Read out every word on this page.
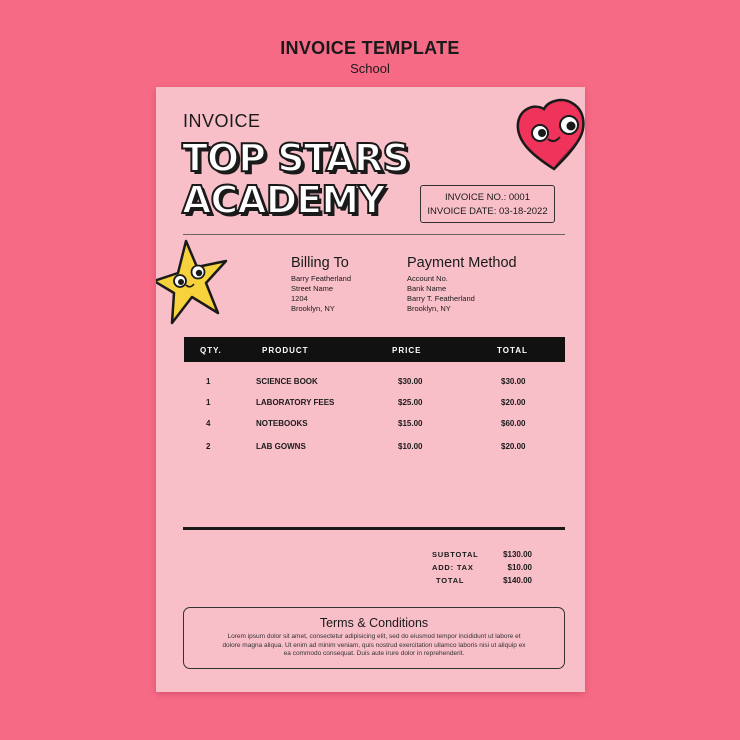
INVOICE TEMPLATE
School
INVOICE
TOP STARS
ACADEMY	INVOICE NO.: 0001
INVOICE DATE: 03-18-2022
Billing To
Barry Featherland
Street Name
1204
Brooklyn, NY
Payment Method
Account No.
Bank Name
Barry T. Featherland
Brooklyn, NY
QTY.	PRODUCT	PRICE	TOTAL
1	SCIENCE BOOK	$30.00	$30.00
1	LABORATORY FEES	$25.00	$20.00
4	NOTEBOOKS	$15.00	$60.00
2	LAB GOWNS	$10.00	$20.00
SUBTOTAL	$130.00
ADD: TAX	$10.00
TOTAL	$140.00
Terms & Conditions
Lorem ipsum dolor sit amet, consectetur adipisicing elit, sed do eiusmod tempor incididunt ut labore et dolore magna aliqua. Ut enim ad minim veniam, quis nostrud exercitation ullamco laboris nisi ut aliquip ex ea commodo consequat. Duis aute irure dolor in reprehenderit.
